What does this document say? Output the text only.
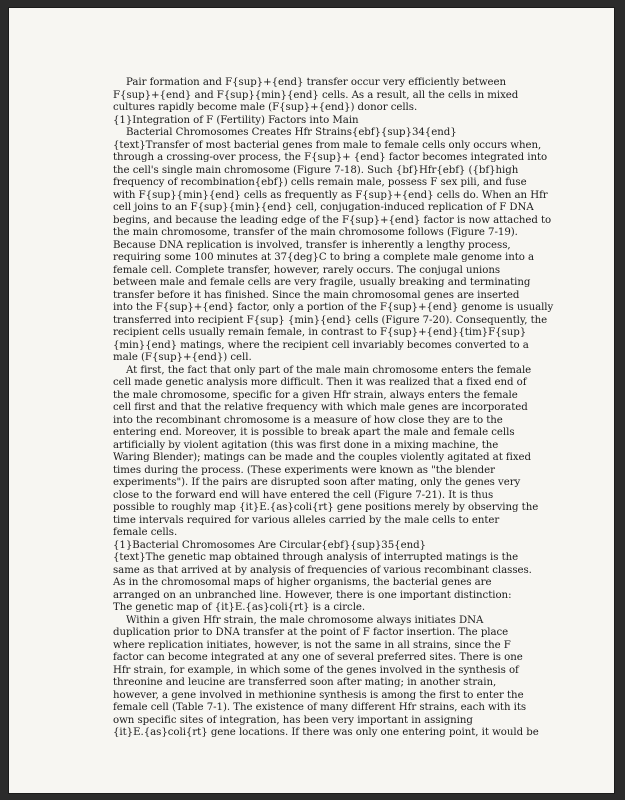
Pair formation and F{sup}+{end} transfer occur very efficiently between
F{sup}+{end} and F{sup}{min}{end} cells. As a result, all the cells in mixed
cultures rapidly become male (F{sup}+{end}) donor cells.
{1}Integration of F (Fertility) Factors into Main
Bacterial Chromosomes Creates Hfr Strains{ebf}{sup}34{end}
{text}Transfer of most bacterial genes from male to female cells only occurs when,
through a crossing-over process, the F{sup}+ {end} factor becomes integrated into
the cell's single main chromosome (Figure 7-18). Such {bf}Hfr{ebf} ({bf}high
frequency of recombination{ebf}) cells remain male, possess F sex pili, and fuse
with F{sup}{min}{end} cells as frequently as F{sup}+{end} cells do. When an Hfr
cell joins to an F{sup}{min}{end} cell, conjugation-induced replication of F DNA
begins, and because the leading edge of the F{sup}+{end} factor is now attached to
the main chromosome, transfer of the main chromosome follows (Figure 7-19).
Because DNA replication is involved, transfer is inherently a lengthy process,
requiring some 100 minutes at 37{deg}C to bring a complete male genome into a
female cell. Complete transfer, however, rarely occurs. The conjugal unions
between male and female cells are very fragile, usually breaking and terminating
transfer before it has finished. Since the main chromosomal genes are inserted
into the F{sup}+{end} factor, only a portion of the F{sup}+{end} genome is usually
transferred into recipient F{sup} {min}{end} cells (Figure 7-20). Consequently, the
recipient cells usually remain female, in contrast to F{sup}+{end}{tim}F{sup}
{min}{end} matings, where the recipient cell invariably becomes converted to a
male (F{sup}+{end}) cell.
At first, the fact that only part of the male main chromosome enters the female
cell made genetic analysis more difficult. Then it was realized that a fixed end of
the male chromosome, specific for a given Hfr strain, always enters the female
cell first and that the relative frequency with which male genes are incorporated
into the recombinant chromosome is a measure of how close they are to the
entering end. Moreover, it is possible to break apart the male and female cells
artificially by violent agitation (this was first done in a mixing machine, the
Waring Blender); matings can be made and the couples violently agitated at fixed
times during the process. (These experiments were known as "the blender
experiments"). If the pairs are disrupted soon after mating, only the genes very
close to the forward end will have entered the cell (Figure 7-21). It is thus
possible to roughly map {it}E.{as}coli{rt} gene positions merely by observing the
time intervals required for various alleles carried by the male cells to enter
female cells.
{1}Bacterial Chromosomes Are Circular{ebf}{sup}35{end}
{text}The genetic map obtained through analysis of interrupted matings is the
same as that arrived at by analysis of frequencies of various recombinant classes.
As in the chromosomal maps of higher organisms, the bacterial genes are
arranged on an unbranched line. However, there is one important distinction:
The genetic map of {it}E.{as}coli{rt} is a circle.
Within a given Hfr strain, the male chromosome always initiates DNA
duplication prior to DNA transfer at the point of F factor insertion. The place
where replication initiates, however, is not the same in all strains, since the F
factor can become integrated at any one of several preferred sites. There is one
Hfr strain, for example, in which some of the genes involved in the synthesis of
threonine and leucine are transferred soon after mating; in another strain,
however, a gene involved in methionine synthesis is among the first to enter the
female cell (Table 7-1). The existence of many different Hfr strains, each with its
own specific sites of integration, has been very important in assigning
{it}E.{as}coli{rt} gene locations. If there was only one entering point, it would be
